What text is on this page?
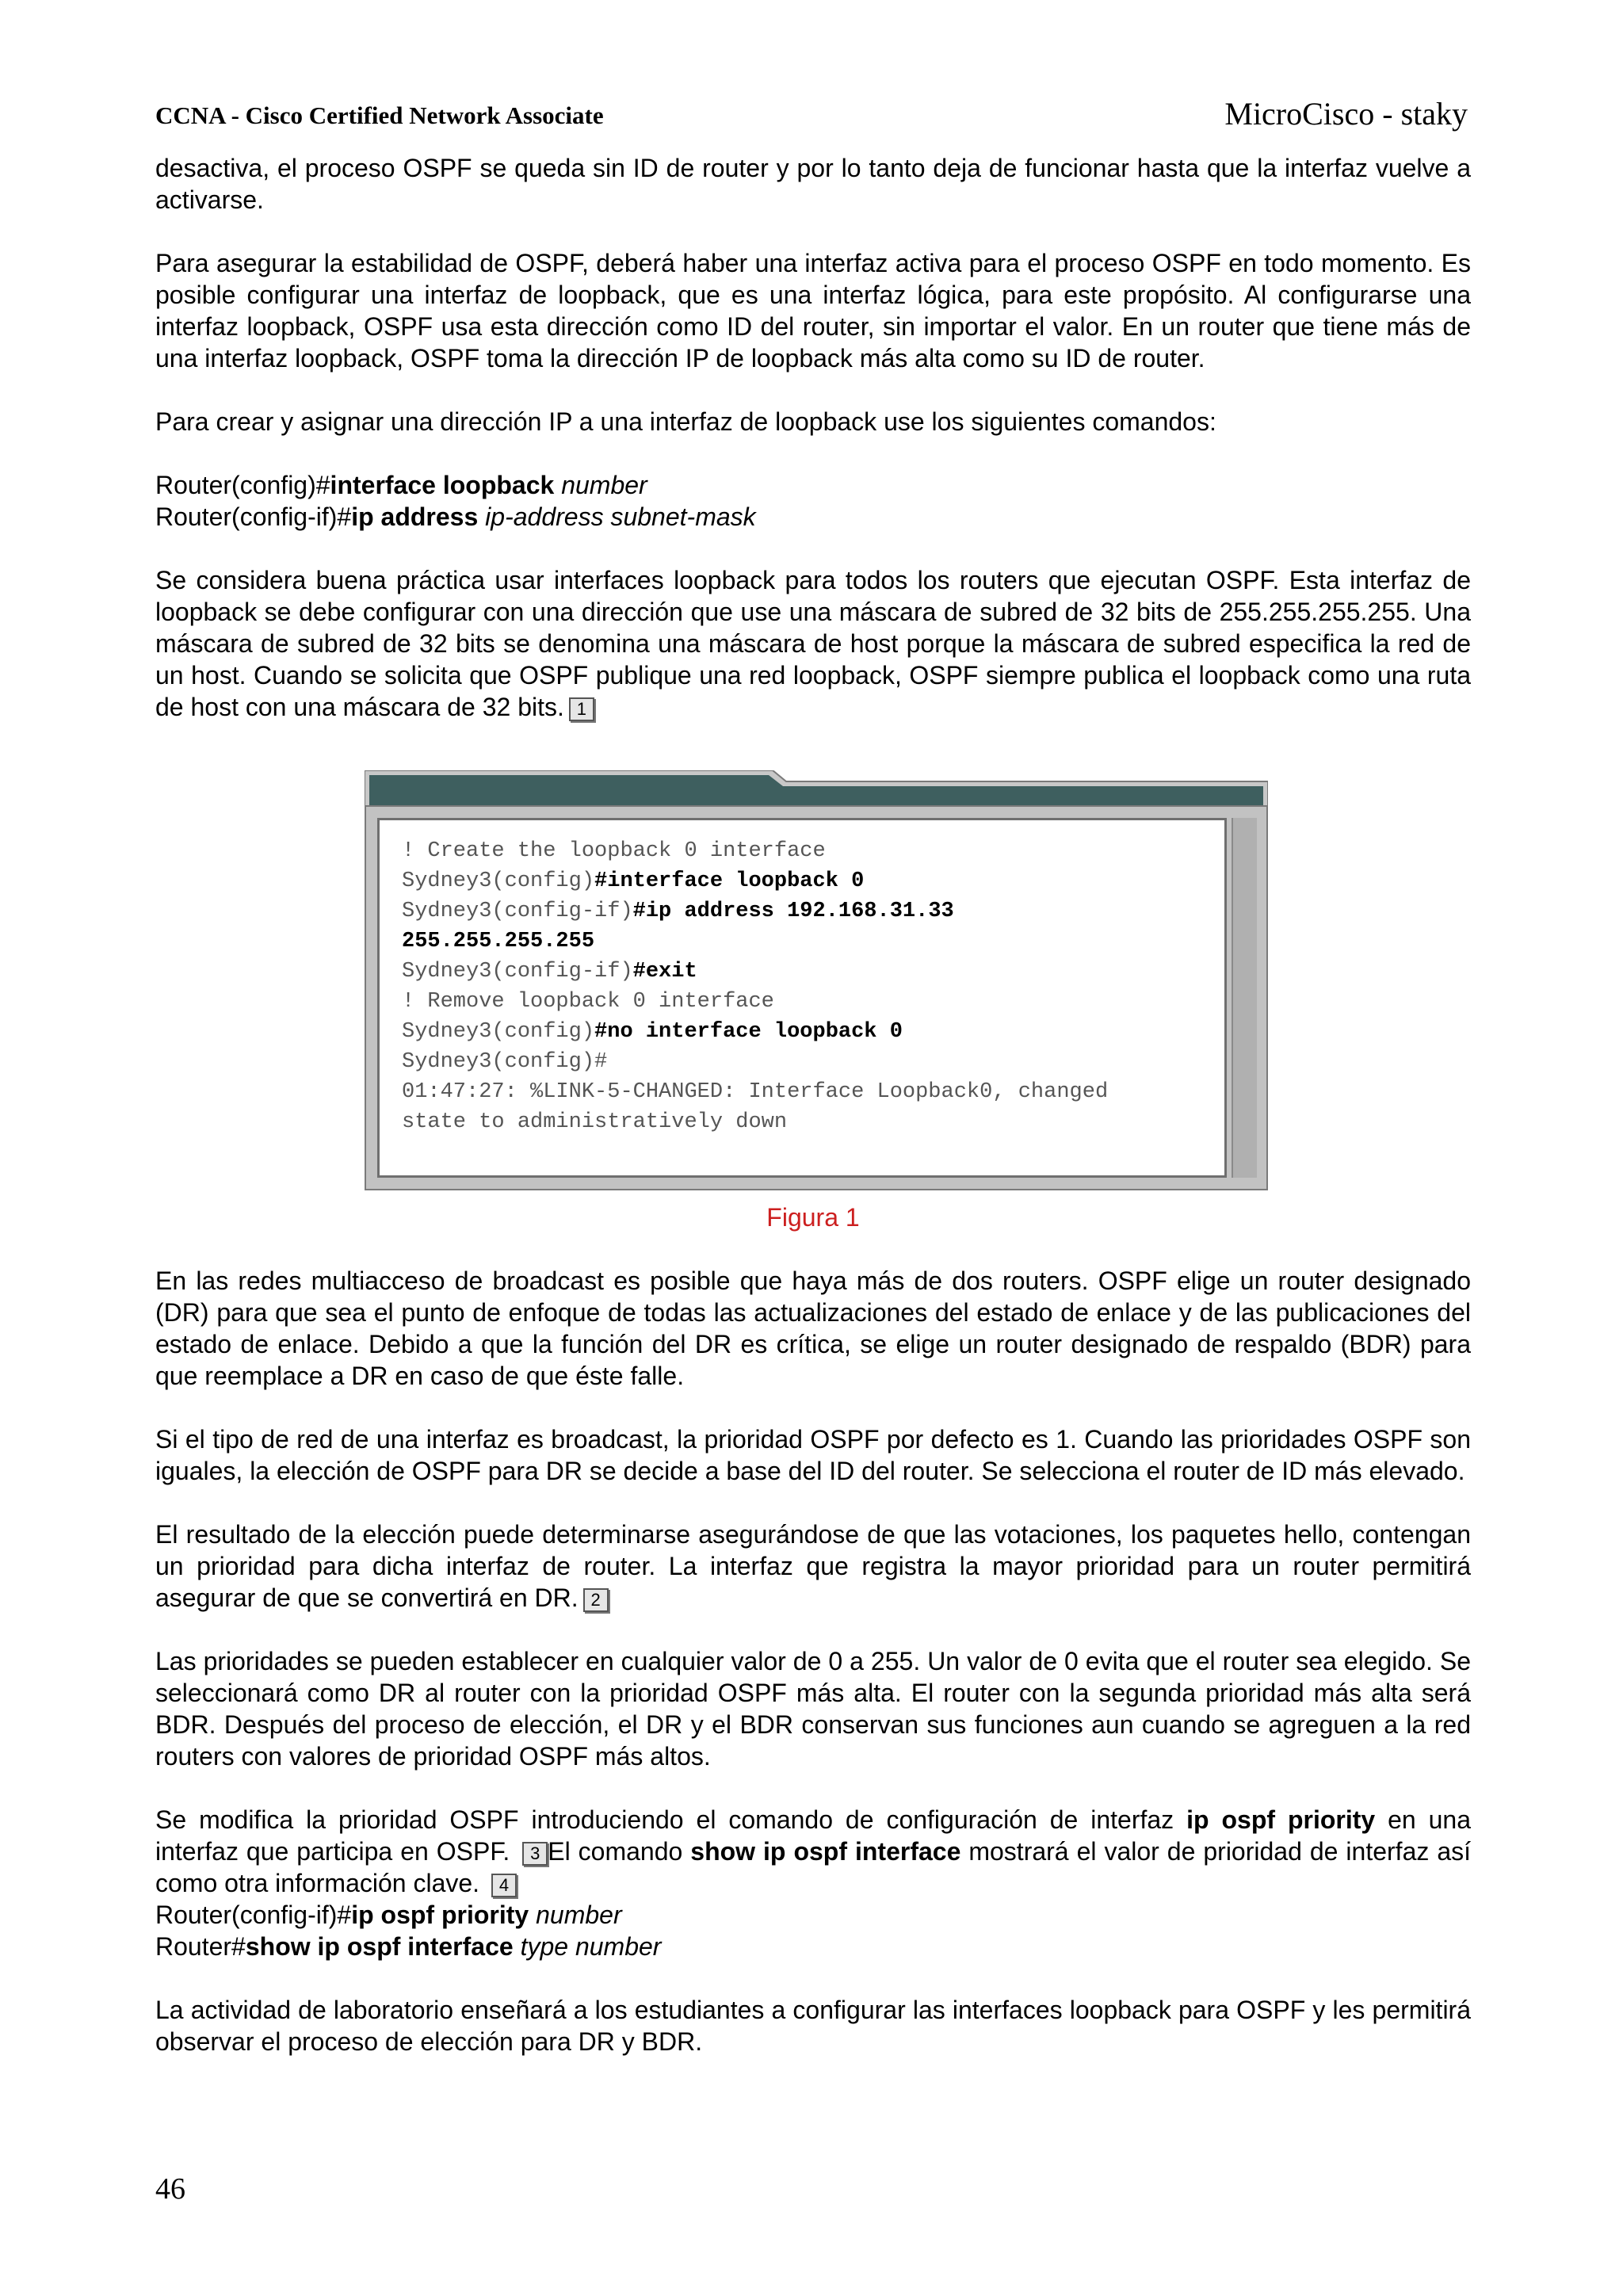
CCNA - Cisco Certified Network Associate	MicroCisco - staky

desactiva, el proceso OSPF se queda sin ID de router y por lo tanto deja de funcionar hasta que la interfaz vuelve a activarse.

Para asegurar la estabilidad de OSPF, deberá haber una interfaz activa para el proceso OSPF en todo momento. Es posible configurar una interfaz de loopback, que es una interfaz lógica, para este propósito. Al configurarse una interfaz loopback, OSPF usa esta dirección como ID del router, sin importar el valor. En un router que tiene más de una interfaz loopback, OSPF toma la dirección IP de loopback más alta como su ID de router.

Para crear y asignar una dirección IP a una interfaz de loopback use los siguientes comandos:

Router(config)#interface loopback number

Router(config-if)#ip address ip-address subnet-mask

Se considera buena práctica usar interfaces loopback para todos los routers que ejecutan OSPF. Esta interfaz de loopback se debe configurar con una dirección que use una máscara de subred de 32 bits de 255.255.255.255. Una máscara de subred de 32 bits se denomina una máscara de host porque la máscara de subred especifica la red de un host. Cuando se solicita que OSPF publique una red loopback, OSPF siempre publica el loopback como una ruta de host con una máscara de 32 bits. 1

! Create the loopback 0 interface
Sydney3(config)#interface loopback 0
Sydney3(config-if)#ip address 192.168.31.33
255.255.255.255
Sydney3(config-if)#exit
! Remove loopback 0 interface
Sydney3(config)#no interface loopback 0
Sydney3(config)#
01:47:27: %LINK-5-CHANGED: Interface Loopback0, changed
state to administratively down
Figura 1

En las redes multiacceso de broadcast es posible que haya más de dos routers. OSPF elige un router designado (DR) para que sea el punto de enfoque de todas las actualizaciones del estado de enlace y de las publicaciones del estado de enlace. Debido a que la función del DR es crítica, se elige un router designado de respaldo (BDR) para que reemplace a DR en caso de que éste falle.

Si el tipo de red de una interfaz es broadcast, la prioridad OSPF por defecto es 1. Cuando las prioridades OSPF son iguales, la elección de OSPF para DR se decide a base del ID del router. Se selecciona el router de ID más elevado.

El resultado de la elección puede determinarse asegurándose de que las votaciones, los paquetes hello, contengan un prioridad para dicha interfaz de router. La interfaz que registra la mayor prioridad para un router permitirá asegurar de que se convertirá en DR. 2

Las prioridades se pueden establecer en cualquier valor de 0 a 255. Un valor de 0 evita que el router sea elegido. Se seleccionará como DR al router con la prioridad OSPF más alta. El router con la segunda prioridad más alta será BDR. Después del proceso de elección, el DR y el BDR conservan sus funciones aun cuando se agreguen a la red routers con valores de prioridad OSPF más altos.

Se modifica la prioridad OSPF introduciendo el comando de configuración de interfaz ip ospf priority en una interfaz que participa en OSPF. 3 El comando show ip ospf interface mostrará el valor de prioridad de interfaz así como otra información clave. 4

Router(config-if)#ip ospf priority number

Router#show ip ospf interface type number

La actividad de laboratorio enseñará a los estudiantes a configurar las interfaces loopback para OSPF y les permitirá observar el proceso de elección para DR y BDR.

46
